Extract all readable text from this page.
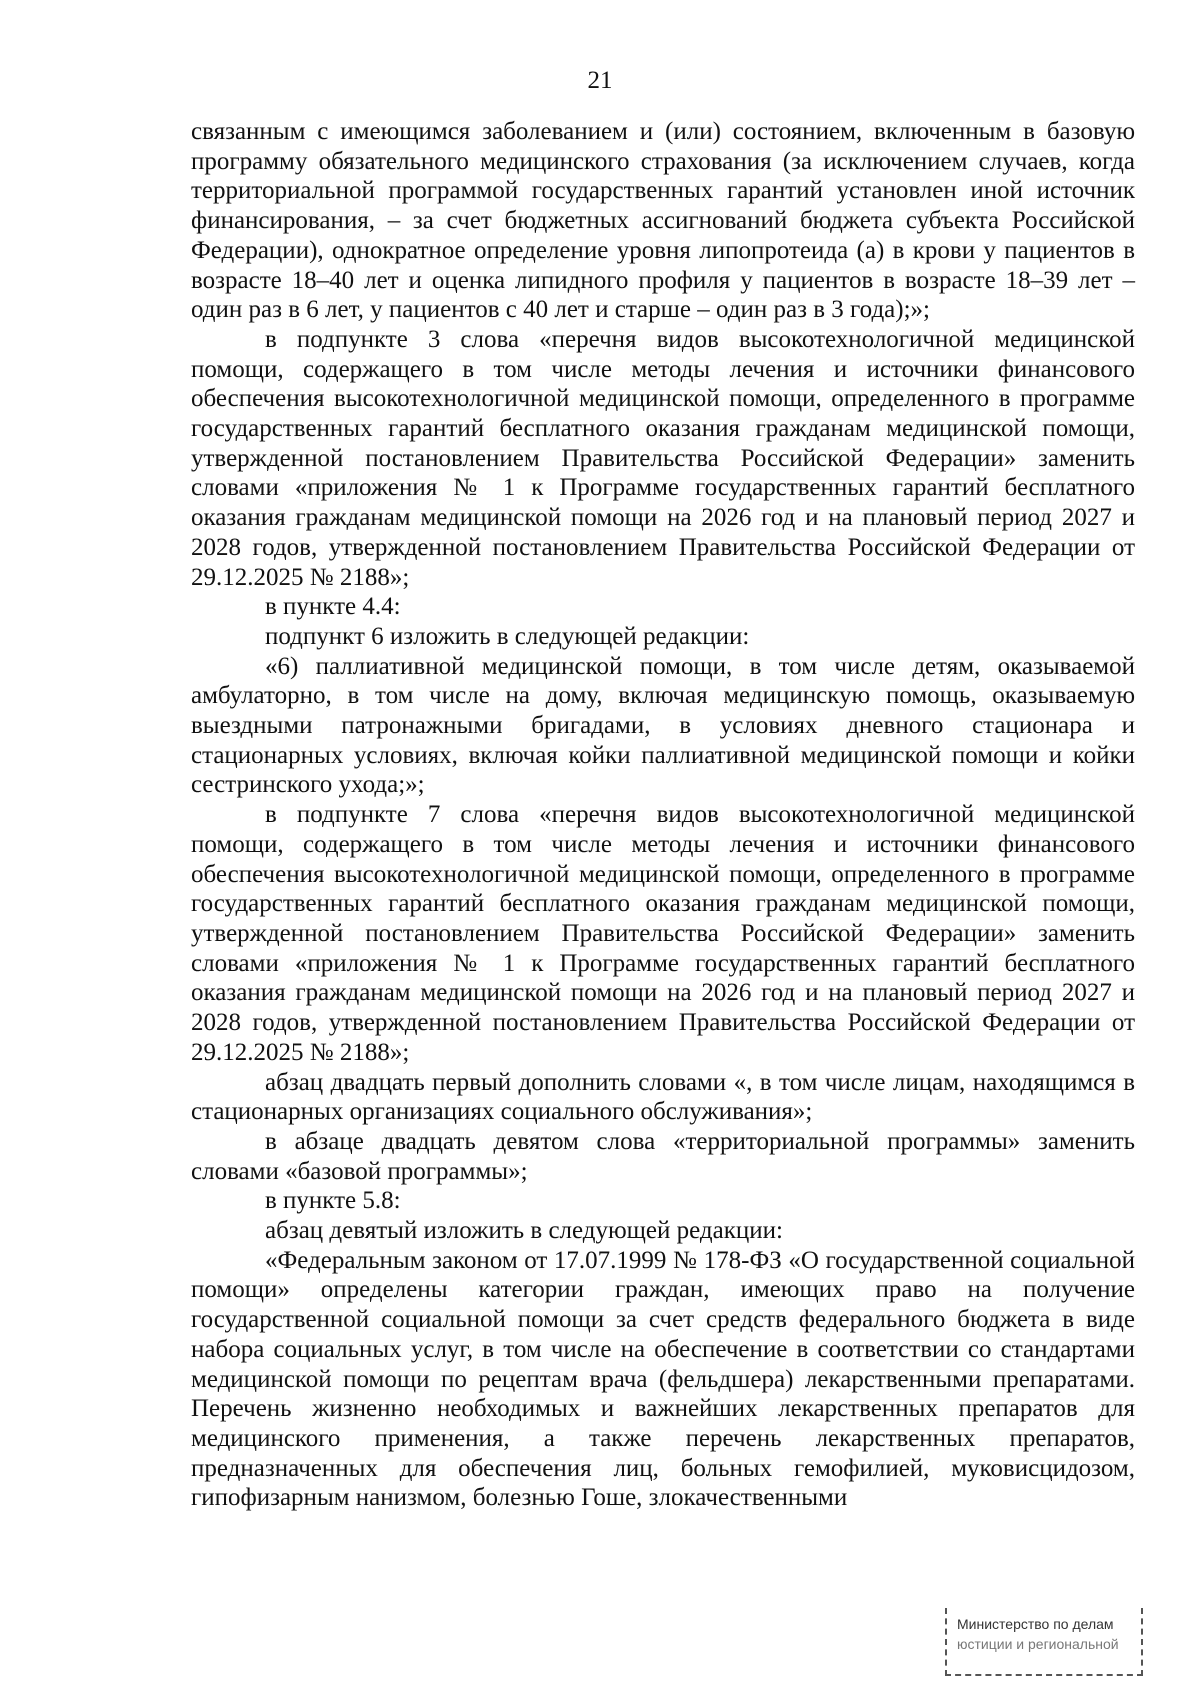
21

связанным с имеющимся заболеванием и (или) состоянием, включенным в базовую программу обязательного медицинского страхования (за исключением случаев, когда территориальной программой государственных гарантий установлен иной источник финансирования, – за счет бюджетных ассигнований бюджета субъекта Российской Федерации), однократное определение уровня липопротеида (а) в крови у пациентов в возрасте 18–40 лет и оценка липидного профиля у пациентов в возрасте 18–39 лет – один раз в 6 лет, у пациентов с 40 лет и старше – один раз в 3 года);»;

в подпункте 3 слова «перечня видов высокотехнологичной медицинской помощи, содержащего в том числе методы лечения и источники финансового обеспечения высокотехнологичной медицинской помощи, определенного в программе государственных гарантий бесплатного оказания гражданам медицинской помощи, утвержденной постановлением Правительства Российской Федерации» заменить словами «приложения № 1 к Программе государственных гарантий бесплатного оказания гражданам медицинской помощи на 2026 год и на плановый период 2027 и 2028 годов, утвержденной постановлением Правительства Российской Федерации от 29.12.2025 № 2188»;

в пункте 4.4:

подпункт 6 изложить в следующей редакции:

«6) паллиативной медицинской помощи, в том числе детям, оказываемой амбулаторно, в том числе на дому, включая медицинскую помощь, оказываемую выездными патронажными бригадами, в условиях дневного стационара и стационарных условиях, включая койки паллиативной медицинской помощи и койки сестринского ухода;»;

в подпункте 7 слова «перечня видов высокотехнологичной медицинской помощи, содержащего в том числе методы лечения и источники финансового обеспечения высокотехнологичной медицинской помощи, определенного в программе государственных гарантий бесплатного оказания гражданам медицинской помощи, утвержденной постановлением Правительства Российской Федерации» заменить словами «приложения № 1 к Программе государственных гарантий бесплатного оказания гражданам медицинской помощи на 2026 год и на плановый период 2027 и 2028 годов, утвержденной постановлением Правительства Российской Федерации от 29.12.2025 № 2188»;

абзац двадцать первый дополнить словами «, в том числе лицам, находящимся в стационарных организациях социального обслуживания»;

в абзаце двадцать девятом слова «территориальной программы» заменить словами «базовой программы»;

в пункте 5.8:

абзац девятый изложить в следующей редакции:

«Федеральным законом от 17.07.1999 № 178-ФЗ «О государственной социальной помощи» определены категории граждан, имеющих право на получение государственной социальной помощи за счет средств федерального бюджета в виде набора социальных услуг, в том числе на обеспечение в соответствии со стандартами медицинской помощи по рецептам врача (фельдшера) лекарственными препаратами. Перечень жизненно необходимых и важнейших лекарственных препаратов для медицинского применения, а также перечень лекарственных препаратов, предназначенных для обеспечения лиц, больных гемофилией, муковисцидозом, гипофизарным нанизмом, болезнью Гоше, злокачественными

Министерство по делам
юстиции и региональной
